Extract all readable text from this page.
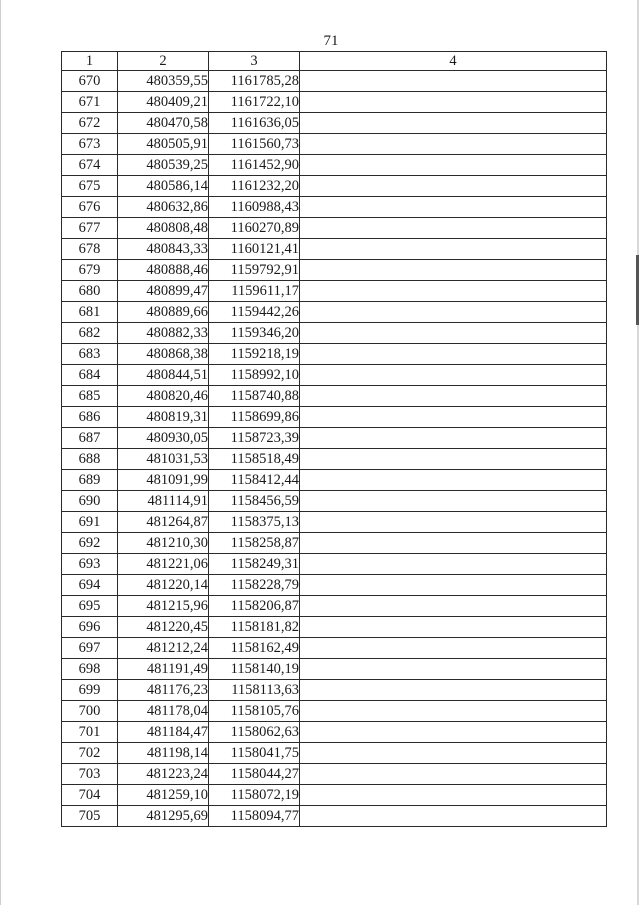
71
1	2	3	4
670	480359,55	1161785,28	
671	480409,21	1161722,10	
672	480470,58	1161636,05	
673	480505,91	1161560,73	
674	480539,25	1161452,90	
675	480586,14	1161232,20	
676	480632,86	1160988,43	
677	480808,48	1160270,89	
678	480843,33	1160121,41	
679	480888,46	1159792,91	
680	480899,47	1159611,17	
681	480889,66	1159442,26	
682	480882,33	1159346,20	
683	480868,38	1159218,19	
684	480844,51	1158992,10	
685	480820,46	1158740,88	
686	480819,31	1158699,86	
687	480930,05	1158723,39	
688	481031,53	1158518,49	
689	481091,99	1158412,44	
690	481114,91	1158456,59	
691	481264,87	1158375,13	
692	481210,30	1158258,87	
693	481221,06	1158249,31	
694	481220,14	1158228,79	
695	481215,96	1158206,87	
696	481220,45	1158181,82	
697	481212,24	1158162,49	
698	481191,49	1158140,19	
699	481176,23	1158113,63	
700	481178,04	1158105,76	
701	481184,47	1158062,63	
702	481198,14	1158041,75	
703	481223,24	1158044,27	
704	481259,10	1158072,19	
705	481295,69	1158094,77	
